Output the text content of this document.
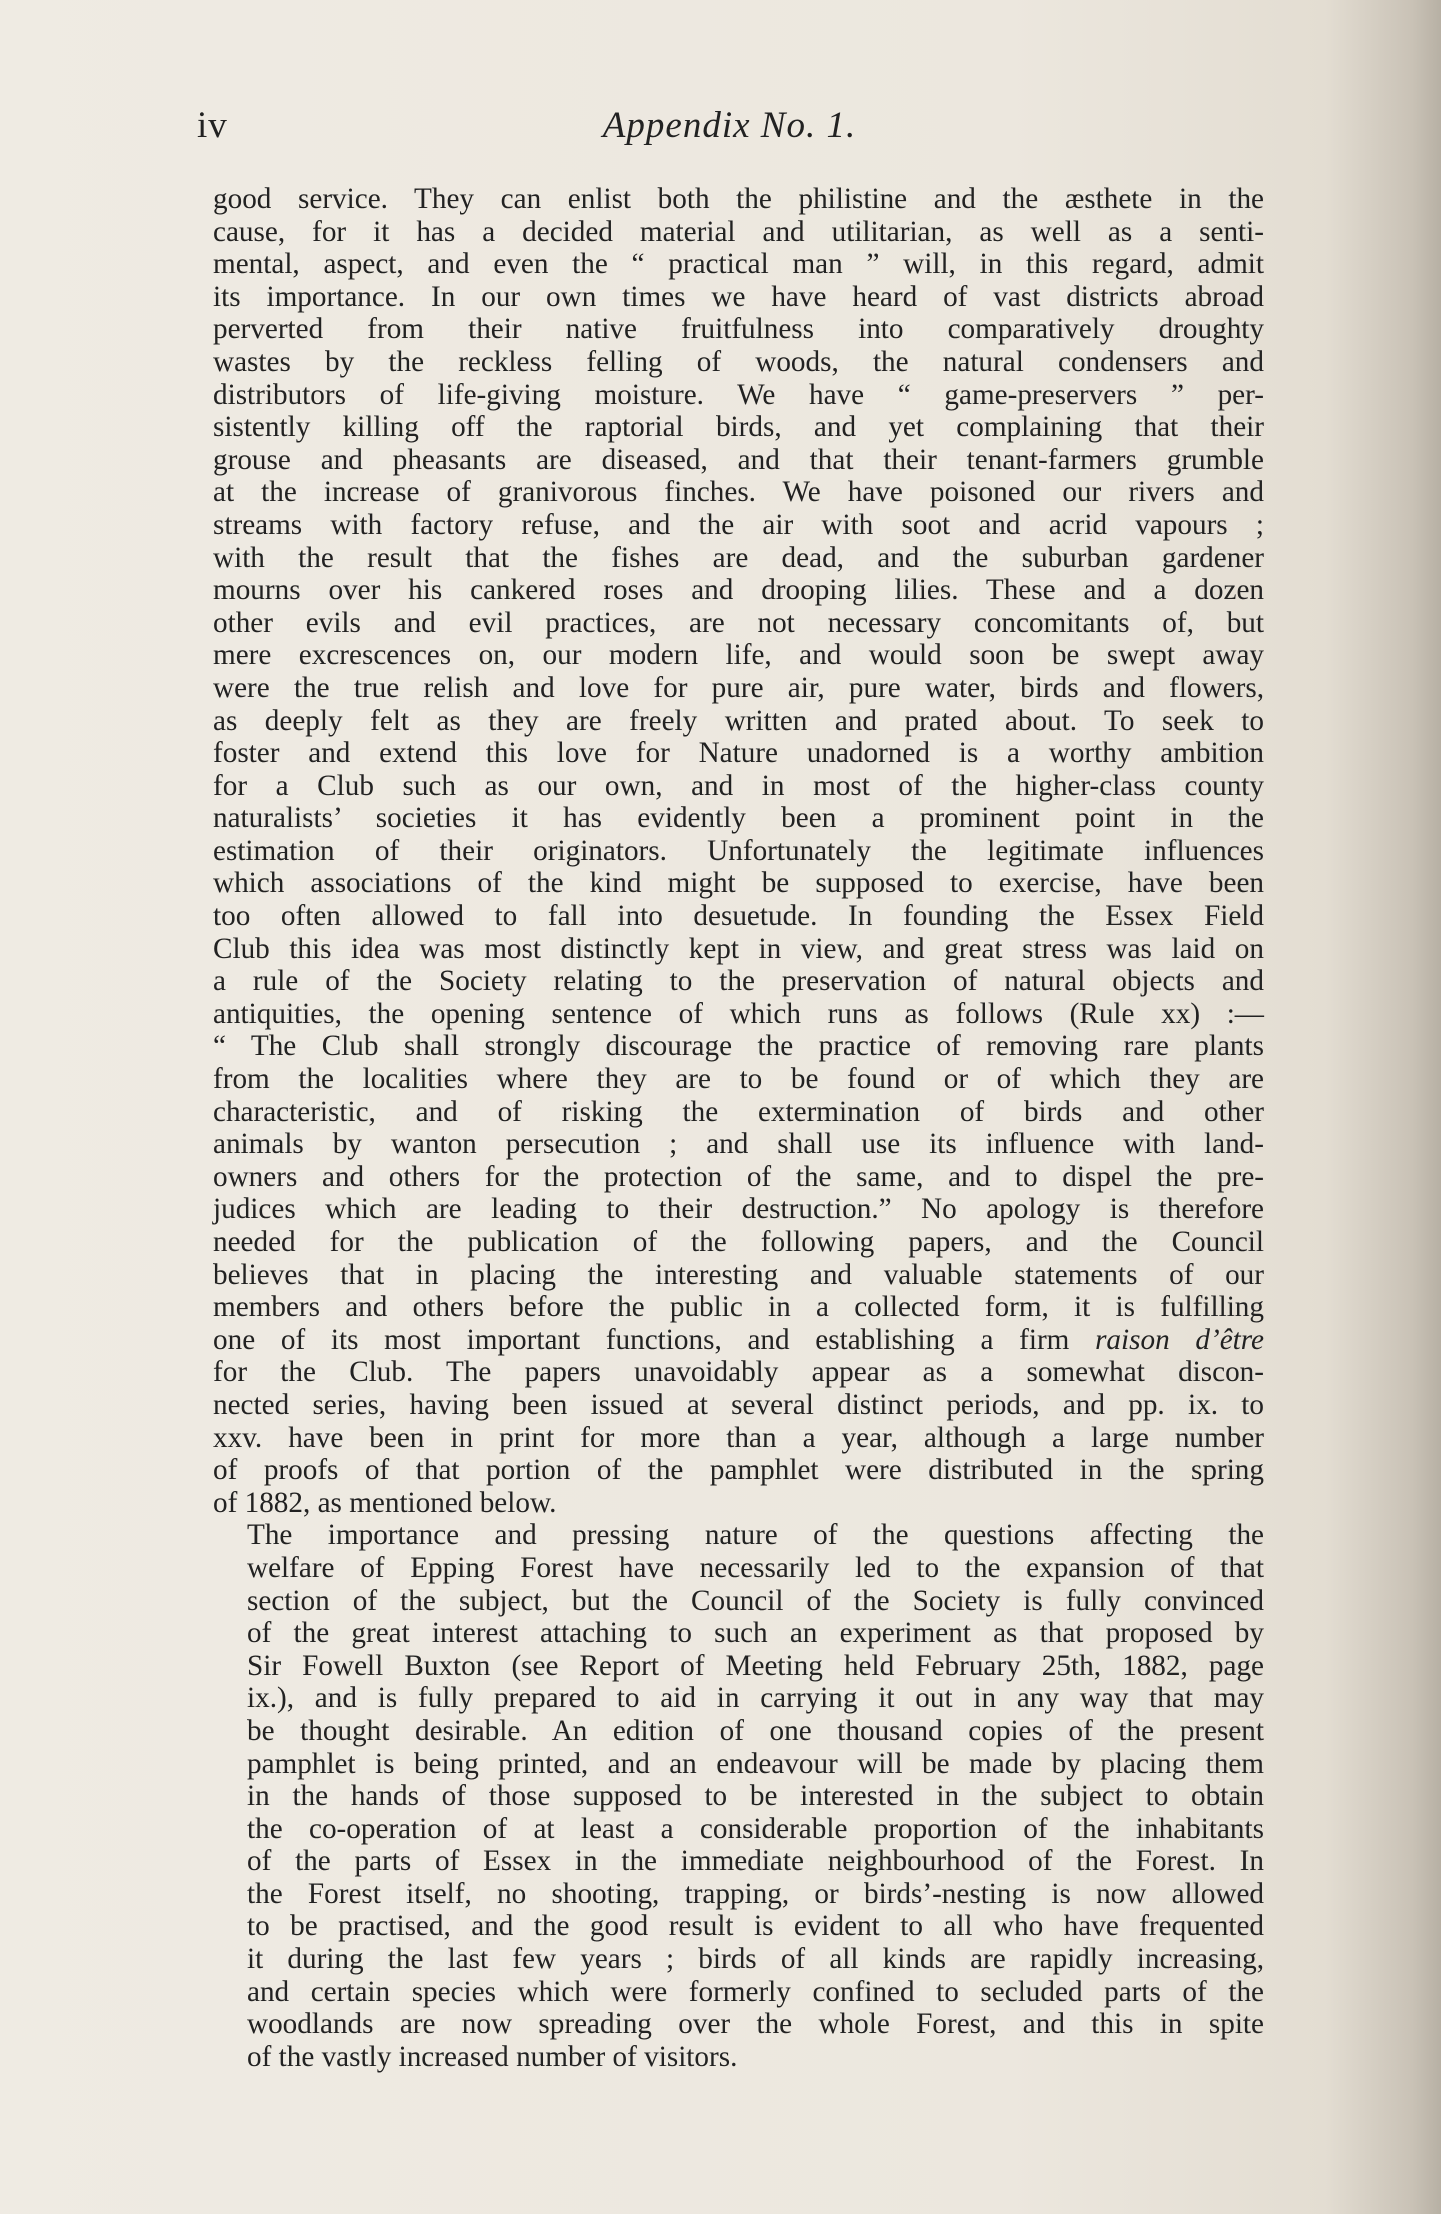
iv	Appendix No. 1.

good service. They can enlist both the philistine and the æsthete in the
cause, for it has a decided material and utilitarian, as well as a senti-
mental, aspect, and even the “ practical man ” will, in this regard, admit
its importance. In our own times we have heard of vast districts abroad
perverted from their native fruitfulness into comparatively droughty
wastes by the reckless felling of woods, the natural condensers and
distributors of life-giving moisture. We have “ game-preservers ” per-
sistently killing off the raptorial birds, and yet complaining that their
grouse and pheasants are diseased, and that their tenant-farmers grumble
at the increase of granivorous finches. We have poisoned our rivers and
streams with factory refuse, and the air with soot and acrid vapours ;
with the result that the fishes are dead, and the suburban gardener
mourns over his cankered roses and drooping lilies. These and a dozen
other evils and evil practices, are not necessary concomitants of, but
mere excrescences on, our modern life, and would soon be swept away
were the true relish and love for pure air, pure water, birds and flowers,
as deeply felt as they are freely written and prated about. To seek to
foster and extend this love for Nature unadorned is a worthy ambition
for a Club such as our own, and in most of the higher-class county
naturalists’ societies it has evidently been a prominent point in the
estimation of their originators. Unfortunately the legitimate influences
which associations of the kind might be supposed to exercise, have been
too often allowed to fall into desuetude. In founding the Essex Field
Club this idea was most distinctly kept in view, and great stress was laid on
a rule of the Society relating to the preservation of natural objects and
antiquities, the opening sentence of which runs as follows (Rule xx) :—
“ The Club shall strongly discourage the practice of removing rare plants
from the localities where they are to be found or of which they are
characteristic, and of risking the extermination of birds and other
animals by wanton persecution ; and shall use its influence with land-
owners and others for the protection of the same, and to dispel the pre-
judices which are leading to their destruction.” No apology is therefore
needed for the publication of the following papers, and the Council
believes that in placing the interesting and valuable statements of our
members and others before the public in a collected form, it is fulfilling
one of its most important functions, and establishing a firm raison d’être
for the Club. The papers unavoidably appear as a somewhat discon-
nected series, having been issued at several distinct periods, and pp. ix. to
xxv. have been in print for more than a year, although a large number
of proofs of that portion of the pamphlet were distributed in the spring
of 1882, as mentioned below.

The importance and pressing nature of the questions affecting the
welfare of Epping Forest have necessarily led to the expansion of that
section of the subject, but the Council of the Society is fully convinced
of the great interest attaching to such an experiment as that proposed by
Sir Fowell Buxton (see Report of Meeting held February 25th, 1882, page
ix.), and is fully prepared to aid in carrying it out in any way that may
be thought desirable. An edition of one thousand copies of the present
pamphlet is being printed, and an endeavour will be made by placing them
in the hands of those supposed to be interested in the subject to obtain
the co-operation of at least a considerable proportion of the inhabitants
of the parts of Essex in the immediate neighbourhood of the Forest. In
the Forest itself, no shooting, trapping, or birds’-nesting is now allowed
to be practised, and the good result is evident to all who have frequented
it during the last few years ; birds of all kinds are rapidly increasing,
and certain species which were formerly confined to secluded parts of the
woodlands are now spreading over the whole Forest, and this in spite
of the vastly increased number of visitors.
